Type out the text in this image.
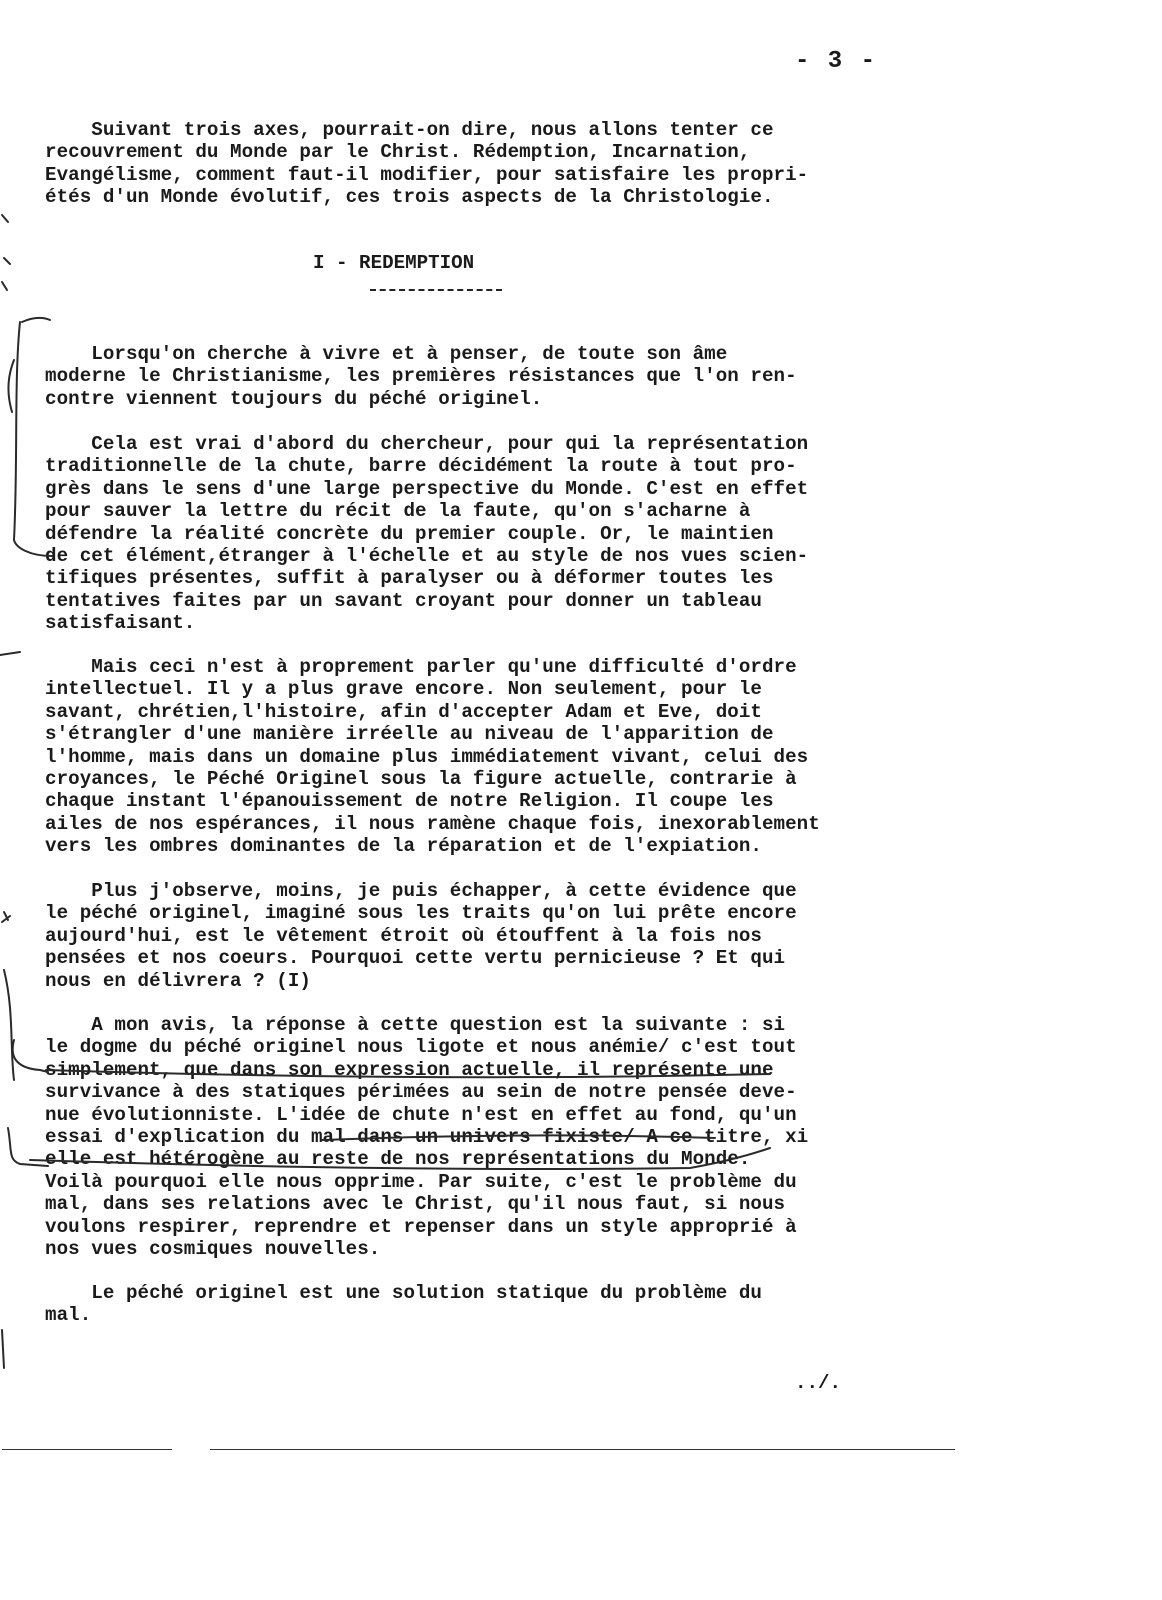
- 3 -

Suivant trois axes, pourrait-on dire, nous allons tenter ce
recouvrement du Monde par le Christ. Rédemption, Incarnation,
Evangélisme, comment faut-il modifier, pour satisfaire les propri-
étés d'un Monde évolutif, ces trois aspects de la Christologie.

I - REDEMPTION

Lorsqu'on cherche à vivre et à penser, de toute son âme
moderne le Christianisme, les premières résistances que l'on ren-
contre viennent toujours du péché originel.

Cela est vrai d'abord du chercheur, pour qui la représentation
traditionnelle de la chute, barre décidément la route à tout pro-
grès dans le sens d'une large perspective du Monde. C'est en effet
pour sauver la lettre du récit de la faute, qu'on s'acharne à
défendre la réalité concrète du premier couple. Or, le maintien
de cet élément,étranger à l'échelle et au style de nos vues scien-
tifiques présentes, suffit à paralyser ou à déformer toutes les
tentatives faites par un savant croyant pour donner un tableau
satisfaisant.

Mais ceci n'est à proprement parler qu'une difficulté d'ordre
intellectuel. Il y a plus grave encore. Non seulement, pour le
savant, chrétien,l'histoire, afin d'accepter Adam et Eve, doit
s'étrangler d'une manière irréelle au niveau de l'apparition de
l'homme, mais dans un domaine plus immédiatement vivant, celui des
croyances, le Péché Originel sous la figure actuelle, contrarie à
chaque instant l'épanouissement de notre Religion. Il coupe les
ailes de nos espérances, il nous ramène chaque fois, inexorablement
vers les ombres dominantes de la réparation et de l'expiation.

Plus j'observe, moins, je puis échapper, à cette évidence que
le péché originel, imaginé sous les traits qu'on lui prête encore
aujourd'hui, est le vêtement étroit où étouffent à la fois nos
pensées et nos coeurs. Pourquoi cette vertu pernicieuse ? Et qui
nous en délivrera ? (I)

A mon avis, la réponse à cette question est la suivante : si
le dogme du péché originel nous ligote et nous anémie/ c'est tout
simplement, que dans son expression actuelle, il représente une
survivance à des statiques périmées au sein de notre pensée deve-
nue évolutionniste. L'idée de chute n'est en effet au fond, qu'un
essai d'explication du mal dans un univers fixiste/ A ce titre, xi
elle est hétérogène au reste de nos représentations du Monde.
Voilà pourquoi elle nous opprime. Par suite, c'est le problème du
mal, dans ses relations avec le Christ, qu'il nous faut, si nous
voulons respirer, reprendre et repenser dans un style approprié à
nos vues cosmiques nouvelles.

Le péché originel est une solution statique du problème du
mal.

../.
